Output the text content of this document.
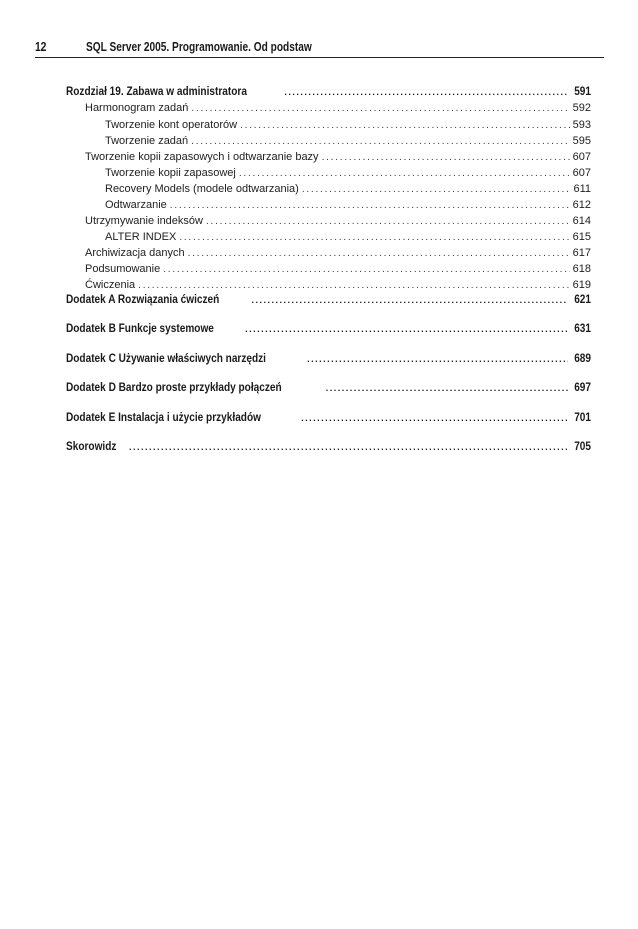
12	SQL Server 2005. Programowanie. Od podstaw
Rozdział 19. Zabawa w administratora . . .	591
Harmonogram zadań . . .	592
Tworzenie kont operatorów . . .	593
Tworzenie zadań . . .	595
Tworzenie kopii zapasowych i odtwarzanie bazy . . .	607
Tworzenie kopii zapasowej . . .	607
Recovery Models (modele odtwarzania) . . .	611
Odtwarzanie . . .	612
Utrzymywanie indeksów . . .	614
ALTER INDEX . . .	615
Archiwizacja danych . . .	617
Podsumowanie . . .	618
Ćwiczenia . . .	619
Dodatek A Rozwiązania ćwiczeń . . .	621
Dodatek B Funkcje systemowe . . .	631
Dodatek C Używanie właściwych narzędzi . . .	689
Dodatek D Bardzo proste przykłady połączeń . . .	697
Dodatek E Instalacja i użycie przykładów . . .	701
Skorowidz . . .	705
